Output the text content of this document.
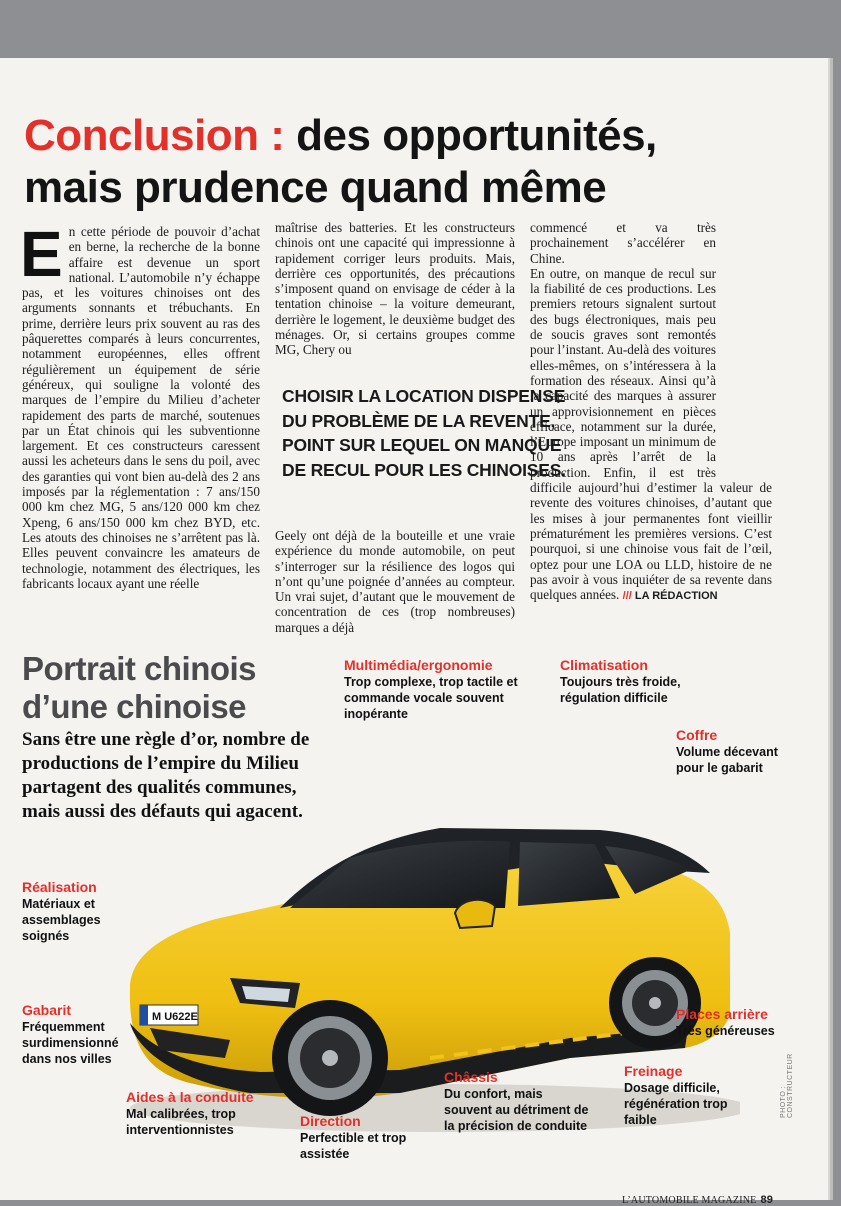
Conclusion : des opportunités,
mais prudence quand même

En cette période de pouvoir d’achat en berne, la recherche de la bonne affaire est devenue un sport national. L’automobile n’y échappe pas, et les voitures chinoises ont des arguments sonnants et trébuchants. En prime, derrière leurs prix souvent au ras des pâquerettes comparés à leurs concurrentes, notamment européennes, elles offrent régulièrement un équipement de série généreux, qui souligne la volonté des marques de l’empire du Milieu d’acheter rapidement des parts de marché, soutenues par un État chinois qui les subventionne largement. Et ces constructeurs caressent aussi les acheteurs dans le sens du poil, avec des garanties qui vont bien au-delà des 2 ans imposés par la réglementation : 7 ans/150 000 km chez MG, 5 ans/120 000 km chez Xpeng, 6 ans/150 000 km chez BYD, etc. Les atouts des chinoises ne s’arrêtent pas là. Elles peuvent convaincre les amateurs de technologie, notamment des électriques, les fabricants locaux ayant une réelle

maîtrise des batteries. Et les constructeurs chinois ont une capacité qui impressionne à rapidement corriger leurs produits. Mais, derrière ces opportunités, des précautions s’imposent quand on envisage de céder à la tentation chinoise – la voiture demeurant, derrière le logement, le deuxième budget des ménages. Or, si certains groupes comme MG, Chery ou

CHOISIR LA LOCATION DISPENSE DU PROBLÈME DE LA REVENTE, POINT SUR LEQUEL ON MANQUE DE RECUL POUR LES CHINOISES.

Geely ont déjà de la bouteille et une vraie expérience du monde automobile, on peut s’interroger sur la résilience des logos qui n’ont qu’une poignée d’années au compteur. Un vrai sujet, d’autant que le mouvement de concentration de ces (trop nombreuses) marques a déjà

commencé et va très prochainement s’accélérer en Chine.

En outre, on manque de recul sur la fiabilité de ces productions. Les premiers retours signalent surtout des bugs électroniques, mais peu de soucis graves sont remontés pour l’instant. Au-delà des voitures elles-mêmes, on s’intéressera à la formation des réseaux. Ainsi qu’à la capacité des marques à assurer un approvisionnement en pièces efficace, notamment sur la durée, l’Europe imposant un minimum de 10 ans après l’arrêt de la production. Enfin, il est très difficile aujourd’hui d’estimer la valeur de revente des voitures chinoises, d’autant que les mises à jour permanentes font vieillir prématurément les premières versions. C’est pourquoi, si une chinoise vous fait de l’œil, optez pour une LOA ou LLD, histoire de ne pas avoir à vous inquiéter de sa revente dans quelques années. /// LA RÉDACTION

Portrait chinois
d’une chinoise

Sans être une règle d’or, nombre de productions de l’empire du Milieu partagent des qualités communes, mais aussi des défauts qui agacent.

M U622E
Multimédia/ergonomie
Trop complexe, trop tactile et commande vocale souvent inopérante
Climatisation
Toujours très froide, régulation difficile
Coffre
Volume décevant pour le gabarit
Réalisation
Matériaux et assemblages soignés
Gabarit
Fréquemment surdimensionné dans nos villes
Places arrière
Très généreuses
Aides à la conduite
Mal calibrées, trop interventionnistes
Direction
Perfectible et trop assistée
Châssis
Du confort, mais souvent au détriment de la précision de conduite
Freinage
Dosage difficile, régénération trop faible
PHOTO : CONSTRUCTEUR
L’AUTOMOBILE MAGAZINE 89
